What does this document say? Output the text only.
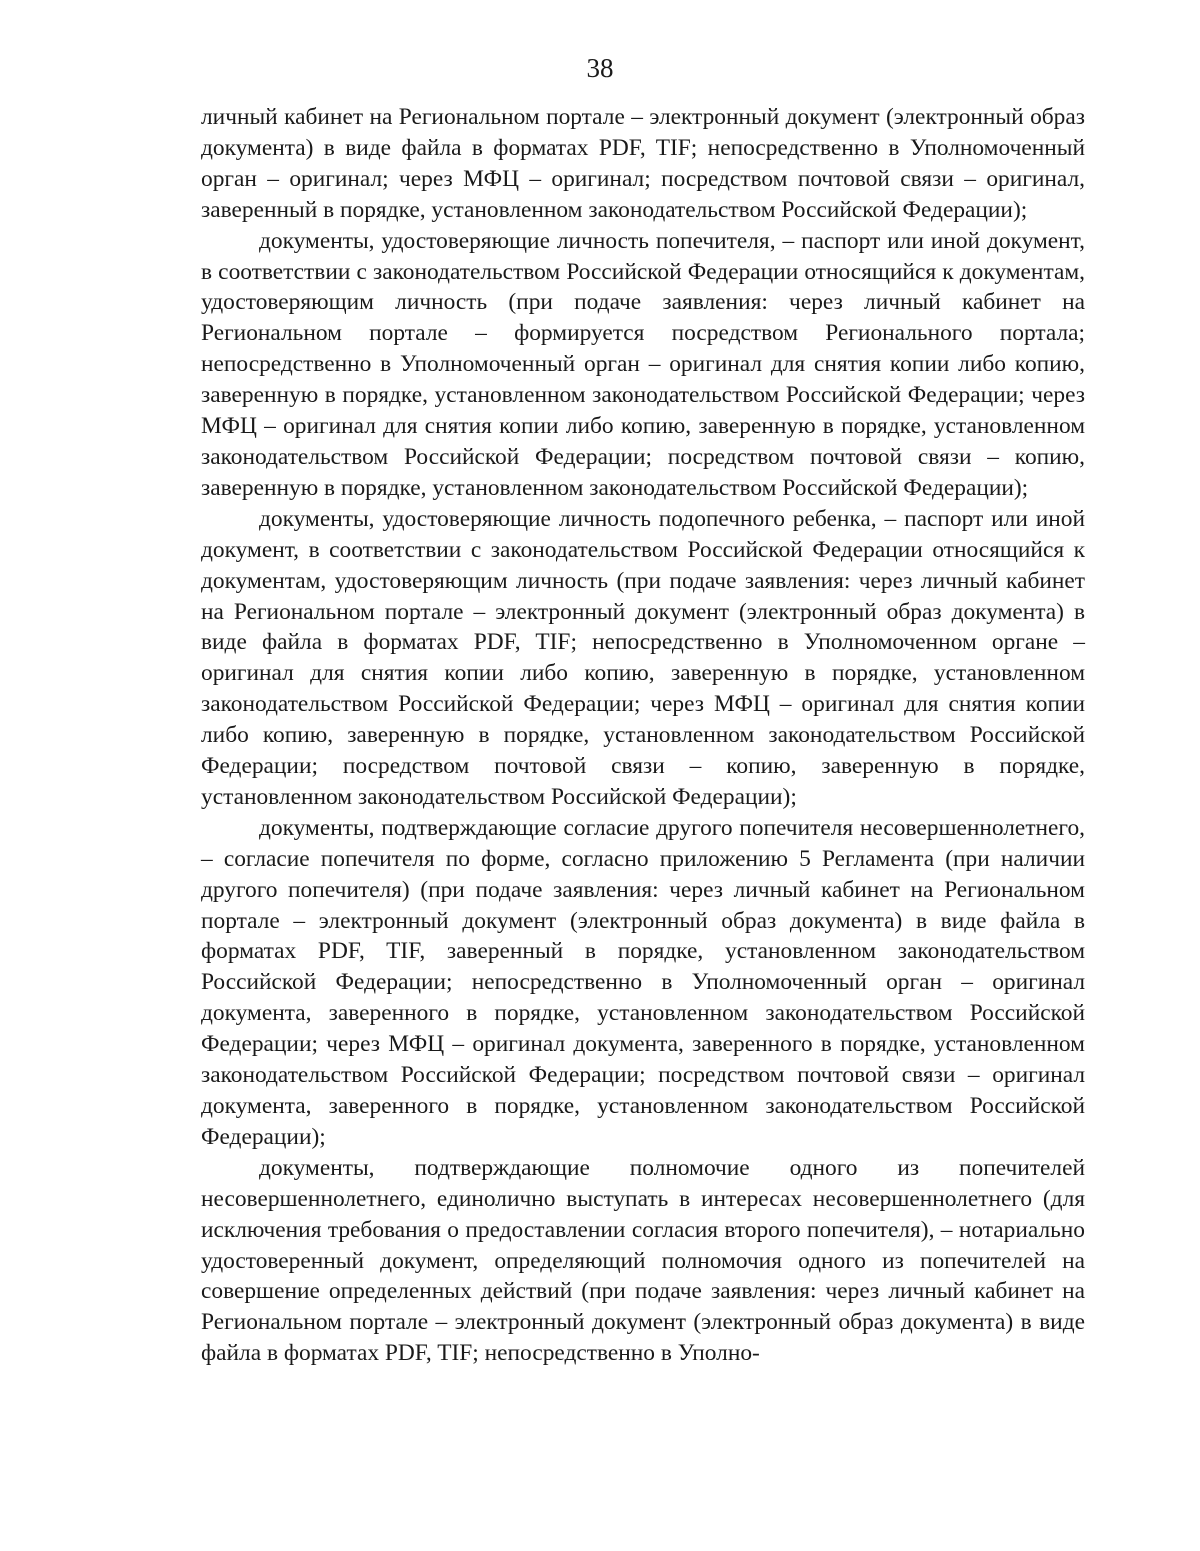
38

личный кабинет на Региональном портале – электронный документ (электронный образ документа) в виде файла в форматах PDF, TIF; непосредственно в Уполномоченный орган – оригинал; через МФЦ – оригинал; посредством почтовой связи – оригинал, заверенный в порядке, установленном законодательством Российской Федерации);

документы, удостоверяющие личность попечителя, – паспорт или иной документ, в соответствии с законодательством Российской Федерации относящийся к документам, удостоверяющим личность (при подаче заявления: через личный кабинет на Региональном портале – формируется посредством Регионального портала; непосредственно в Уполномоченный орган – оригинал для снятия копии либо копию, заверенную в порядке, установленном законодательством Российской Федерации; через МФЦ – оригинал для снятия копии либо копию, заверенную в порядке, установленном законодательством Российской Федерации; посредством почтовой связи – копию, заверенную в порядке, установленном законодательством Российской Федерации);

документы, удостоверяющие личность подопечного ребенка, – паспорт или иной документ, в соответствии с законодательством Российской Федерации относящийся к документам, удостоверяющим личность (при подаче заявления: через личный кабинет на Региональном портале – электронный документ (электронный образ документа) в виде файла в форматах PDF, TIF; непосредственно в Уполномоченном органе – оригинал для снятия копии либо копию, заверенную в порядке, установленном законодательством Российской Федерации; через МФЦ – оригинал для снятия копии либо копию, заверенную в порядке, установленном законодательством Российской Федерации; посредством почтовой связи – копию, заверенную в порядке, установленном законодательством Российской Федерации);

документы, подтверждающие согласие другого попечителя несовершеннолетнего, – согласие попечителя по форме, согласно приложению 5 Регламента (при наличии другого попечителя) (при подаче заявления: через личный кабинет на Региональном портале – электронный документ (электронный образ документа) в виде файла в форматах PDF, TIF, заверенный в порядке, установленном законодательством Российской Федерации; непосредственно в Уполномоченный орган – оригинал документа, заверенного в порядке, установленном законодательством Российской Федерации; через МФЦ – оригинал документа, заверенного в порядке, установленном законодательством Российской Федерации; посредством почтовой связи – оригинал документа, заверенного в порядке, установленном законодательством Российской Федерации);

документы, подтверждающие полномочие одного из попечителей несовершеннолетнего, единолично выступать в интересах несовершеннолетнего (для исключения требования о предоставлении согласия второго попечителя), – нотариально удостоверенный документ, определяющий полномочия одного из попечителей на совершение определенных действий (при подаче заявления: через личный кабинет на Региональном портале – электронный документ (электронный образ документа) в виде файла в форматах PDF, TIF; непосредственно в Уполно-
